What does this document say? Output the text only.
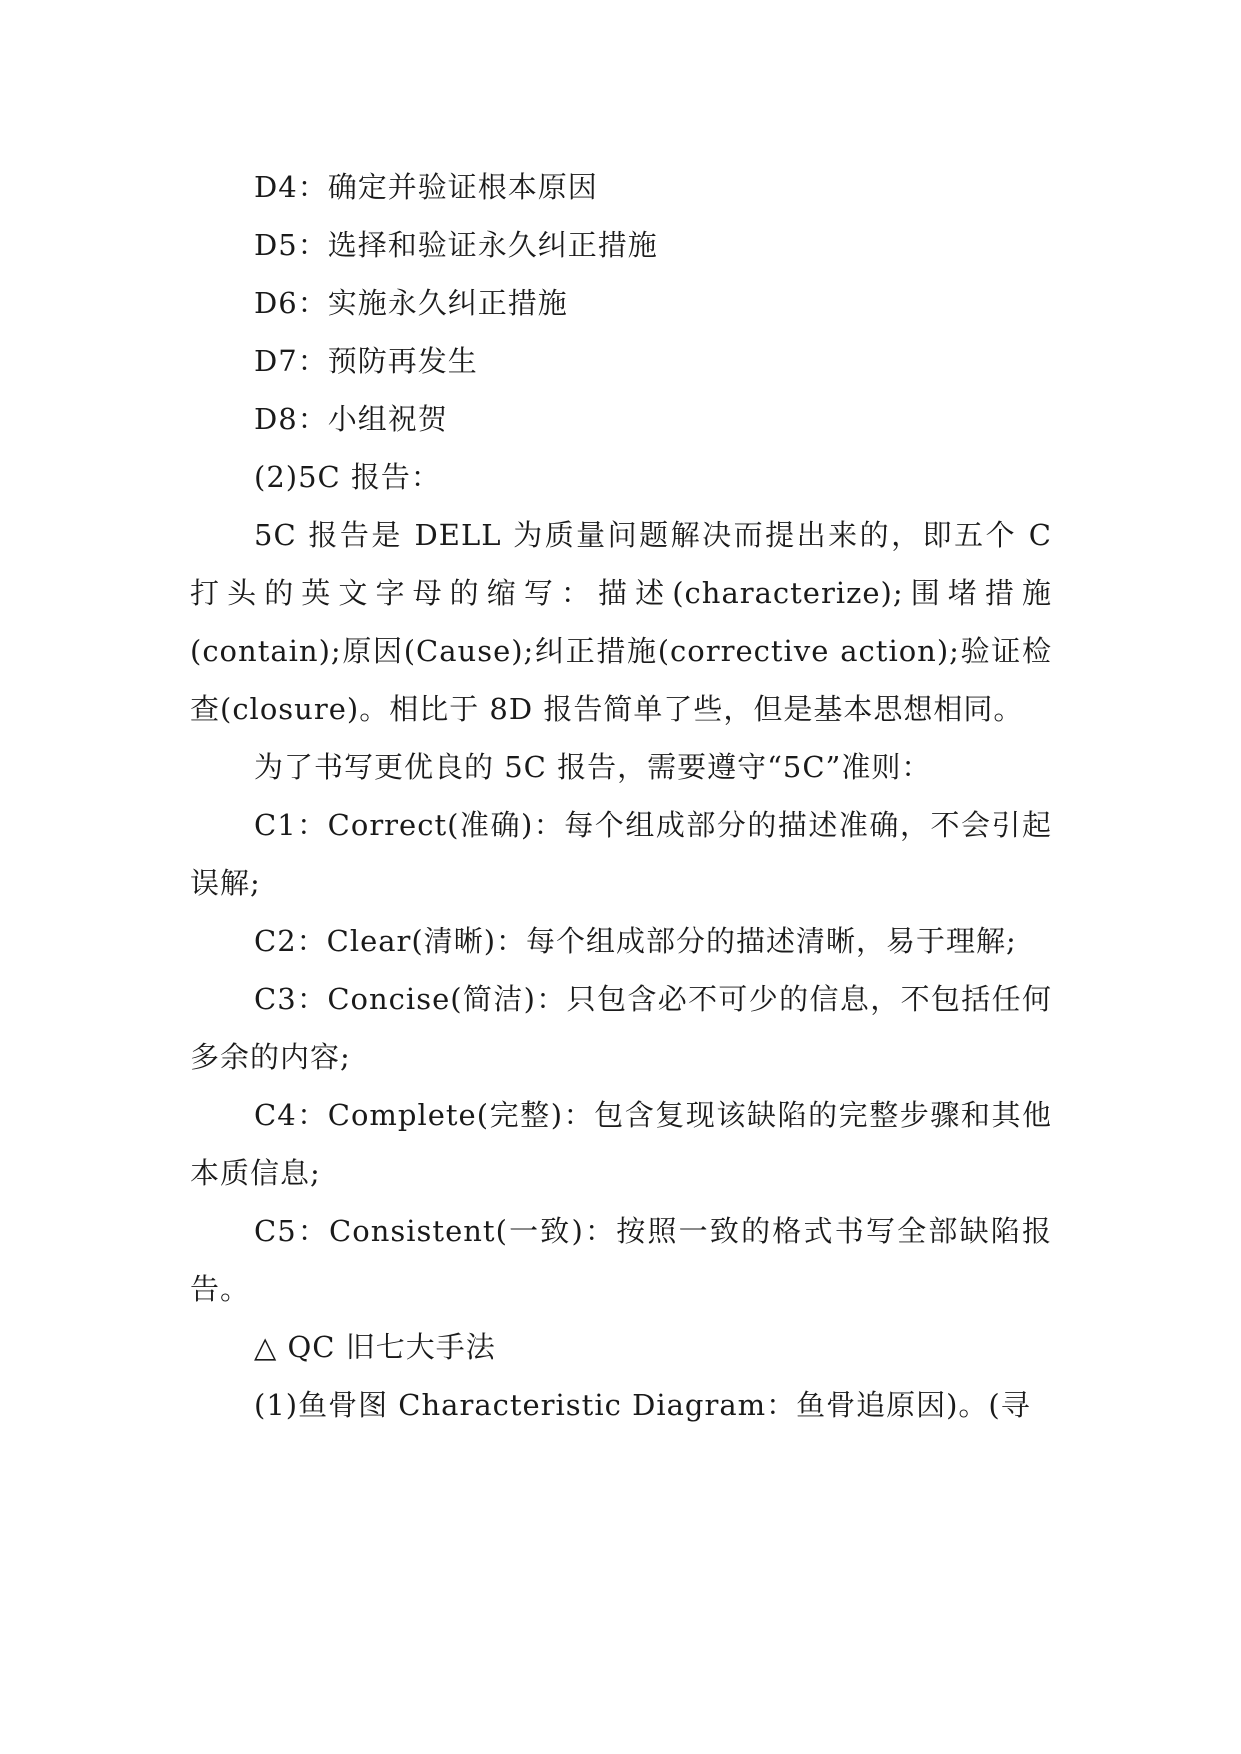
D4：确定并验证根本原因
D5：选择和验证永久纠正措施
D6：实施永久纠正措施
D7：预防再发生
D8：小组祝贺
(2)5C 报告：
5C 报告是 DELL 为质量问题解决而提出来的，即五个 C 打头的英文字母的缩写：描述(characterize);围堵措施(contain);原因(Cause);纠正措施(corrective action);验证检查(closure)。相比于 8D 报告简单了些，但是基本思想相同。
为了书写更优良的 5C 报告，需要遵守“5C”准则：
C1：Correct(准确)：每个组成部分的描述准确，不会引起误解;
C2：Clear(清晰)：每个组成部分的描述清晰，易于理解;
C3：Concise(简洁)：只包含必不可少的信息，不包括任何多余的内容;
C4：Complete(完整)：包含复现该缺陷的完整步骤和其他本质信息;
C5：Consistent(一致)：按照一致的格式书写全部缺陷报告。
△ QC 旧七大手法
(1)鱼骨图 Characteristic Diagram：鱼骨追原因)。(寻
